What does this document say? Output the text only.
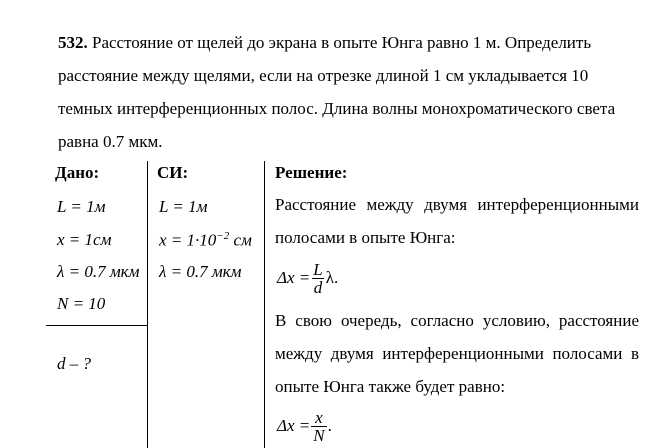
532. Расстояние от щелей до экрана в опыте Юнга равно 1 м. Определить
расстояние между щелями, если на отрезке длиной 1 см укладывается 10
темных интерференционных полос. Длина волны монохроматического света
равна 0.7 мкм.
Дано:	СИ:	Решение:
L = 1м
x = 1см
λ = 0.7 мкм
N = 10
d – ?
L = 1м
$x = 1\cdot 10^{-2}$ см
λ = 0.7 мкм
Расстояние между двумя интерференционными
полосами в опыте Юнга:
$\Delta x = \frac{L}{d} \lambda$.
В свою очередь, согласно условию, расстояние
между двумя интерференционными полосами в
опыте Юнга также будет равно:
$\Delta x = \frac{x}{N}$ .
